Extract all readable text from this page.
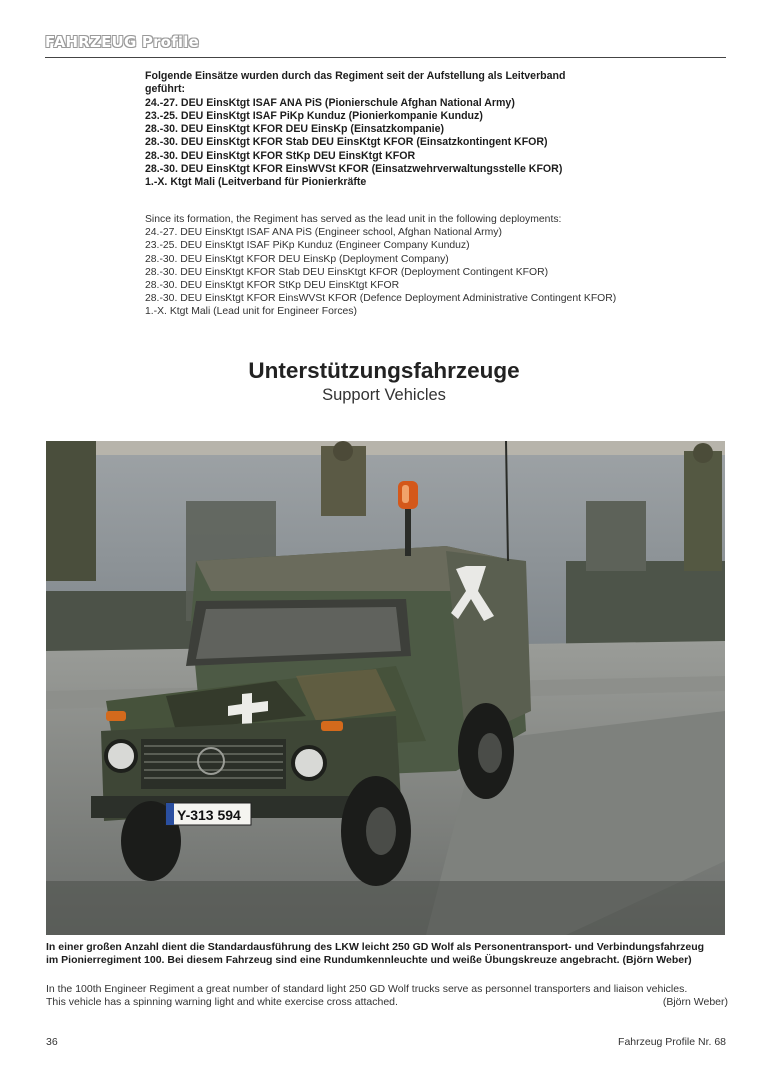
FAHRZEUG Profile
Folgende Einsätze wurden durch das Regiment seit der Aufstellung als Leitverband
geführt:
24.-27. DEU EinsKtgt ISAF ANA PiS (Pionierschule Afghan National Army)
23.-25. DEU EinsKtgt ISAF PiKp Kunduz (Pionierkompanie Kunduz)
28.-30. DEU EinsKtgt KFOR DEU EinsKp (Einsatzkompanie)
28.-30. DEU EinsKtgt KFOR Stab DEU EinsKtgt KFOR (Einsatzkontingent KFOR)
28.-30. DEU EinsKtgt KFOR StKp DEU EinsKtgt KFOR
28.-30. DEU EinsKtgt KFOR EinsWVSt KFOR (Einsatzwehrverwaltungsstelle KFOR)
1.-X. Ktgt Mali (Leitverband für Pionierkräfte
Since its formation, the Regiment has served as the lead unit in the following deployments:
24.-27. DEU EinsKtgt ISAF ANA PiS (Engineer school, Afghan National Army)
23.-25. DEU EinsKtgt ISAF PiKp Kunduz (Engineer Company Kunduz)
28.-30. DEU EinsKtgt KFOR DEU EinsKp (Deployment Company)
28.-30. DEU EinsKtgt KFOR Stab DEU EinsKtgt KFOR (Deployment Contingent KFOR)
28.-30. DEU EinsKtgt KFOR StKp DEU EinsKtgt KFOR
28.-30. DEU EinsKtgt KFOR EinsWVSt KFOR (Defence Deployment Administrative Contingent KFOR)
1.-X. Ktgt Mali (Lead unit for Engineer Forces)
Unterstützungsfahrzeuge
Support Vehicles
Y-313 594
In einer großen Anzahl dient die Standardausführung des LKW leicht 250 GD Wolf als Personentransport- und Verbindungsfahrzeug
im Pionierregiment 100. Bei diesem Fahrzeug sind eine Rundumkennleuchte und weiße Übungskreuze angebracht. (Björn Weber)
In the 100th Engineer Regiment a great number of standard light 250 GD Wolf trucks serve as personnel transporters and liaison vehicles.
This vehicle has a spinning warning light and white exercise cross attached.	(Björn Weber)
36	Fahrzeug Profile Nr. 68
